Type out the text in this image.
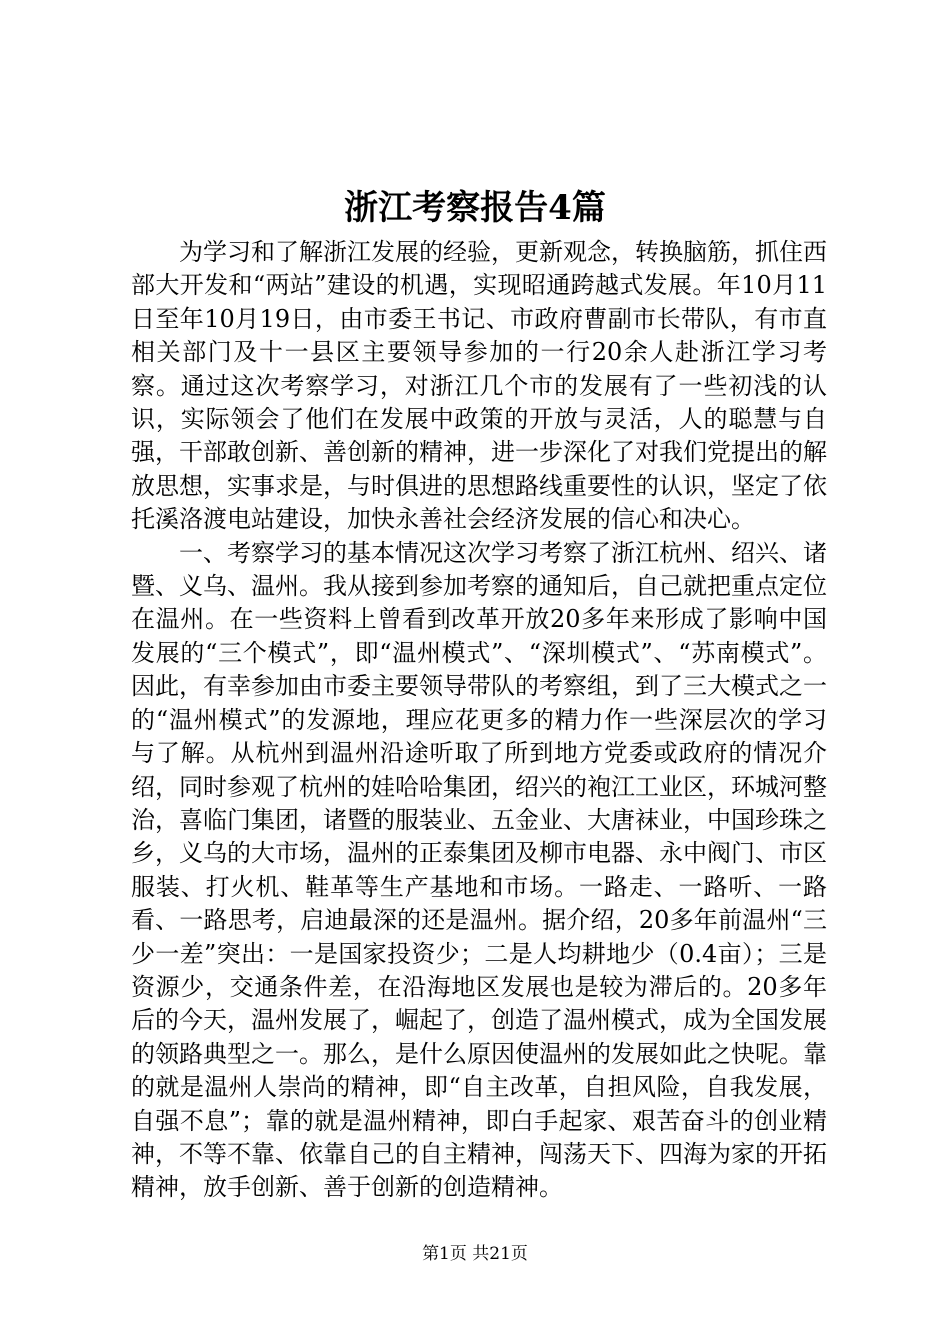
浙江考察报告4篇

为学习和了解浙江发展的经验，更新观念，转换脑筋，抓住西部大开发和“两站”建设的机遇，实现昭通跨越式发展。年10月11日至年10月19日，由市委王书记、市政府曹副市长带队，有市直相关部门及十一县区主要领导参加的一行20余人赴浙江学习考察。通过这次考察学习，对浙江几个市的发展有了一些初浅的认识，实际领会了他们在发展中政策的开放与灵活，人的聪慧与自强，干部敢创新、善创新的精神，进一步深化了对我们党提出的解放思想，实事求是，与时俱进的思想路线重要性的认识，坚定了依托溪洛渡电站建设，加快永善社会经济发展的信心和决心。

一、考察学习的基本情况这次学习考察了浙江杭州、绍兴、诸暨、义乌、温州。我从接到参加考察的通知后，自己就把重点定位在温州。在一些资料上曾看到改革开放20多年来形成了影响中国发展的“三个模式”，即“温州模式”、“深圳模式”、“苏南模式”。因此，有幸参加由市委主要领导带队的考察组，到了三大模式之一的“温州模式”的发源地，理应花更多的精力作一些深层次的学习与了解。从杭州到温州沿途听取了所到地方党委或政府的情况介绍，同时参观了杭州的娃哈哈集团，绍兴的袍江工业区，环城河整治，喜临门集团，诸暨的服装业、五金业、大唐袜业，中国珍珠之乡，义乌的大市场，温州的正泰集团及柳市电器、永中阀门、市区服装、打火机、鞋革等生产基地和市场。一路走、一路听、一路看、一路思考，启迪最深的还是温州。据介绍，20多年前温州“三少一差”突出：一是国家投资少；二是人均耕地少（0.4亩）；三是资源少，交通条件差，在沿海地区发展也是较为滞后的。20多年后的今天，温州发展了，崛起了，创造了温州模式，成为全国发展的领路典型之一。那么，是什么原因使温州的发展如此之快呢。靠的就是温州人崇尚的精神，即“自主改革，自担风险，自我发展，自强不息”；靠的就是温州精神，即白手起家、艰苦奋斗的创业精神，不等不靠、依靠自己的自主精神，闯荡天下、四海为家的开拓精神，放手创新、善于创新的创造精神。

第1页 共21页
